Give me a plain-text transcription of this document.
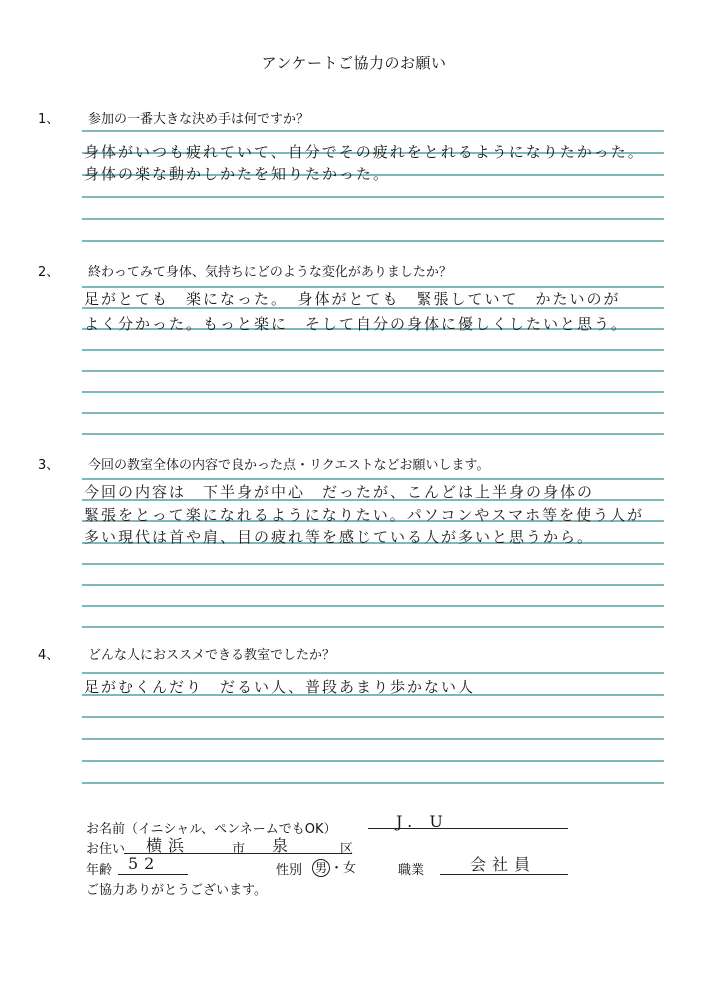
アンケートご協力のお願い
1、 参加の一番大きな決め手は何ですか？
身体がいつも疲れていて、自分でその疲れをとれるようになりたかった。
身体の楽な動かしかたを知りたかった。
2、 終わってみて身体、気持ちにどのような変化がありましたか？
足がとても　楽になった。　身体がとても　緊張していて　かたいのが
よく分かった。もっと楽に　そして自分の身体に優しくしたいと思う。
3、 今回の教室全体の内容で良かった点・リクエストなどお願いします。
今回の内容は　下半身が中心　だったが、こんどは上半身の身体の
緊張をとって楽になれるようになりたい。パソコンやスマホ等を使う人が
多い現代は首や肩、目の疲れ等を感じている人が多いと思うから。
4、 どんな人におススメできる教室でしたか？
足がむくんだり　だるい人、普段あまり歩かない人
お名前（イニシャル、ペンネームでもOK）	J. U
お住い 横浜	市 泉	区
年齢 52	性別 男 ・女	職業	会社員
ご協力ありがとうございます。
